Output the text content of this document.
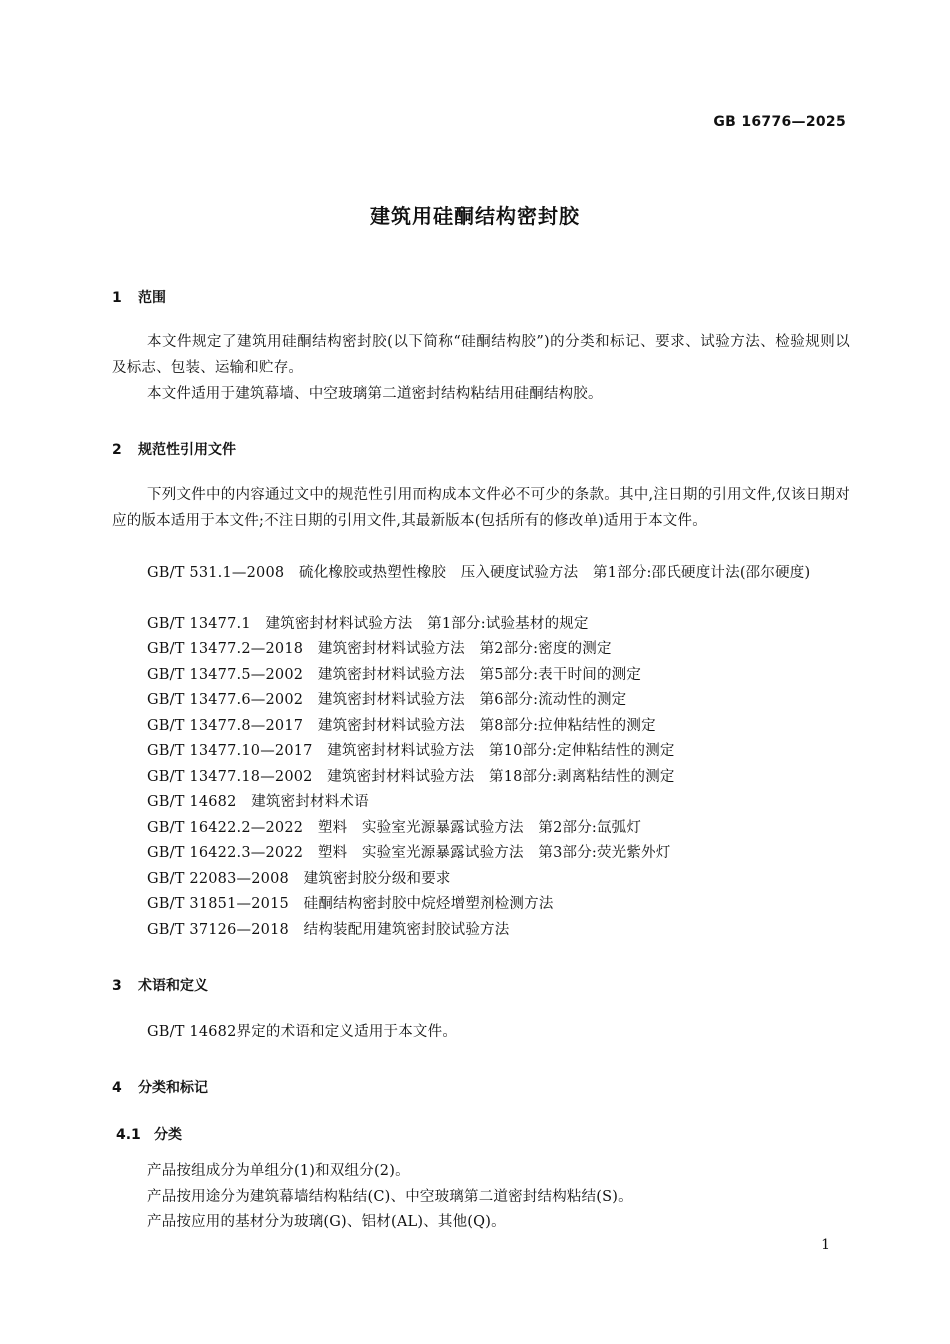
GB 16776—2025
建筑用硅酮结构密封胶
1 范围
本文件规定了建筑用硅酮结构密封胶(以下简称“硅酮结构胶”)的分类和标记、要求、试验方法、检验规则以及标志、包装、运输和贮存。
本文件适用于建筑幕墙、中空玻璃第二道密封结构粘结用硅酮结构胶。
2 规范性引用文件
下列文件中的内容通过文中的规范性引用而构成本文件必不可少的条款。其中,注日期的引用文件,仅该日期对应的版本适用于本文件;不注日期的引用文件,其最新版本(包括所有的修改单)适用于本文件。
GB/T 531.1—2008　硫化橡胶或热塑性橡胶　压入硬度试验方法　第1部分:邵氏硬度计法(邵尔硬度)
GB/T 13477.1　建筑密封材料试验方法　第1部分:试验基材的规定
GB/T 13477.2—2018　建筑密封材料试验方法　第2部分:密度的测定
GB/T 13477.5—2002　建筑密封材料试验方法　第5部分:表干时间的测定
GB/T 13477.6—2002　建筑密封材料试验方法　第6部分:流动性的测定
GB/T 13477.8—2017　建筑密封材料试验方法　第8部分:拉伸粘结性的测定
GB/T 13477.10—2017　建筑密封材料试验方法　第10部分:定伸粘结性的测定
GB/T 13477.18—2002　建筑密封材料试验方法　第18部分:剥离粘结性的测定
GB/T 14682　建筑密封材料术语
GB/T 16422.2—2022　塑料　实验室光源暴露试验方法　第2部分:氙弧灯
GB/T 16422.3—2022　塑料　实验室光源暴露试验方法　第3部分:荧光紫外灯
GB/T 22083—2008　建筑密封胶分级和要求
GB/T 31851—2015　硅酮结构密封胶中烷烃增塑剂检测方法
GB/T 37126—2018　结构装配用建筑密封胶试验方法
3 术语和定义
GB/T 14682界定的术语和定义适用于本文件。
4 分类和标记
4.1 分类
产品按组成分为单组分(1)和双组分(2)。
产品按用途分为建筑幕墙结构粘结(C)、中空玻璃第二道密封结构粘结(S)。
产品按应用的基材分为玻璃(G)、铝材(AL)、其他(Q)。
1
